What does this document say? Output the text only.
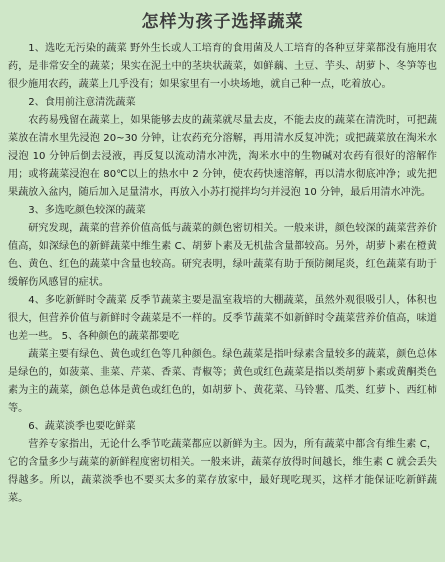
怎样为孩子选择蔬菜

1、选吃无污染的蔬菜 野外生长或人工培育的食用菌及人工培育的各种豆芽菜都没有施用农药，是非常安全的蔬菜；果实在泥土中的茎块状蔬菜，如鲜藕、土豆、芋头、胡萝卜、冬笋等也很少施用农药，蔬菜上几乎没有；如果家里有一小块场地，就自己种一点，吃着放心。

2、食用前注意清洗蔬菜

农药易残留在蔬菜上，如果能够去皮的蔬菜就尽量去皮，不能去皮的蔬菜在清洗时，可把蔬菜放在清水里先浸泡 20~30 分钟，让农药充分溶解，再用清水反复冲洗；或把蔬菜放在淘米水浸泡 10 分钟后倒去浸液，再反复以流动清水冲洗，淘米水中的生物碱对农药有很好的溶解作用；或将蔬菜浸泡在 80℃以上的热水中 2 分钟，使农药快速溶解，再以清水彻底冲净；或先把果蔬放入盆内，随后加入足量清水，再放入小苏打搅拌均匀并浸泡 10 分钟，最后用清水冲洗。

3、多选吃颜色较深的蔬菜

研究发现，蔬菜的营养价值高低与蔬菜的颜色密切相关。一般来讲，颜色较深的蔬菜营养价值高，如深绿色的新鲜蔬菜中维生素 C、胡萝卜素及无机盐含量都较高。另外，胡萝卜素在橙黄色、黄色、红色的蔬菜中含量也较高。研究表明，绿叶蔬菜有助于预防阑尾炎，红色蔬菜有助于缓解伤风感冒的症状。

4、多吃新鲜时令蔬菜 反季节蔬菜主要是温室栽培的大棚蔬菜，虽然外观很吸引人，体积也很大，但营养价值与新鲜时令蔬菜是不一样的。反季节蔬菜不如新鲜时令蔬菜营养价值高，味道也差一些。 5、各种颜色的蔬菜都要吃

蔬菜主要有绿色、黄色或红色等几种颜色。绿色蔬菜是指叶绿素含量较多的蔬菜，颜色总体是绿色的，如菠菜、韭菜、芹菜、香菜、青椒等；黄色或红色蔬菜是指以类胡萝卜素或黄酮类色素为主的蔬菜，颜色总体是黄色或红色的，如胡萝卜、黄花菜、马铃薯、瓜类、红萝卜、西红柿等。

6、蔬菜淡季也要吃鲜菜

营养专家指出，无论什么季节吃蔬菜都应以新鲜为主。因为，所有蔬菜中都含有维生素 C，它的含量多少与蔬菜的新鲜程度密切相关。一般来讲，蔬菜存放得时间越长，维生素 C 就会丢失得越多。所以，蔬菜淡季也不要买太多的菜存放家中，最好现吃现买，这样才能保证吃新鲜蔬菜。
